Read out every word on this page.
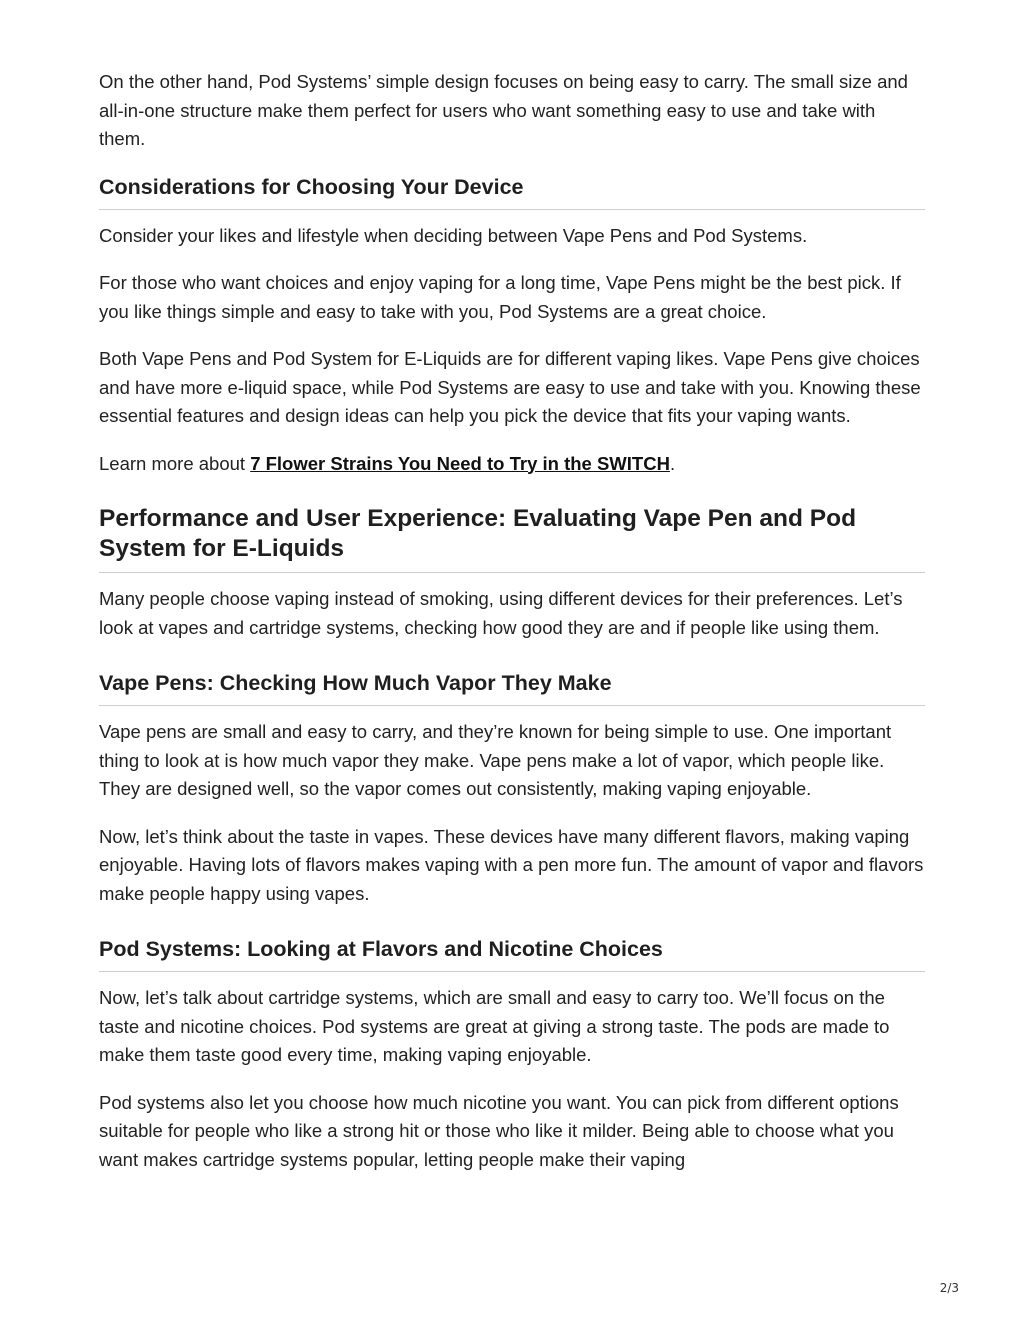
On the other hand, Pod Systems’ simple design focuses on being easy to carry. The small size and all-in-one structure make them perfect for users who want something easy to use and take with them.

Considerations for Choosing Your Device

Consider your likes and lifestyle when deciding between Vape Pens and Pod Systems.

For those who want choices and enjoy vaping for a long time, Vape Pens might be the best pick. If you like things simple and easy to take with you, Pod Systems are a great choice.

Both Vape Pens and Pod System for E-Liquids are for different vaping likes. Vape Pens give choices and have more e-liquid space, while Pod Systems are easy to use and take with you. Knowing these essential features and design ideas can help you pick the device that fits your vaping wants.

Learn more about 7 Flower Strains You Need to Try in the SWITCH.

Performance and User Experience: Evaluating Vape Pen and Pod System for E-Liquids

Many people choose vaping instead of smoking, using different devices for their preferences. Let’s look at vapes and cartridge systems, checking how good they are and if people like using them.

Vape Pens: Checking How Much Vapor They Make

Vape pens are small and easy to carry, and they’re known for being simple to use. One important thing to look at is how much vapor they make. Vape pens make a lot of vapor, which people like. They are designed well, so the vapor comes out consistently, making vaping enjoyable.

Now, let’s think about the taste in vapes. These devices have many different flavors, making vaping enjoyable. Having lots of flavors makes vaping with a pen more fun. The amount of vapor and flavors make people happy using vapes.

Pod Systems: Looking at Flavors and Nicotine Choices

Now, let’s talk about cartridge systems, which are small and easy to carry too. We’ll focus on the taste and nicotine choices. Pod systems are great at giving a strong taste. The pods are made to make them taste good every time, making vaping enjoyable.

Pod systems also let you choose how much nicotine you want. You can pick from different options suitable for people who like a strong hit or those who like it milder. Being able to choose what you want makes cartridge systems popular, letting people make their vaping

2/3
